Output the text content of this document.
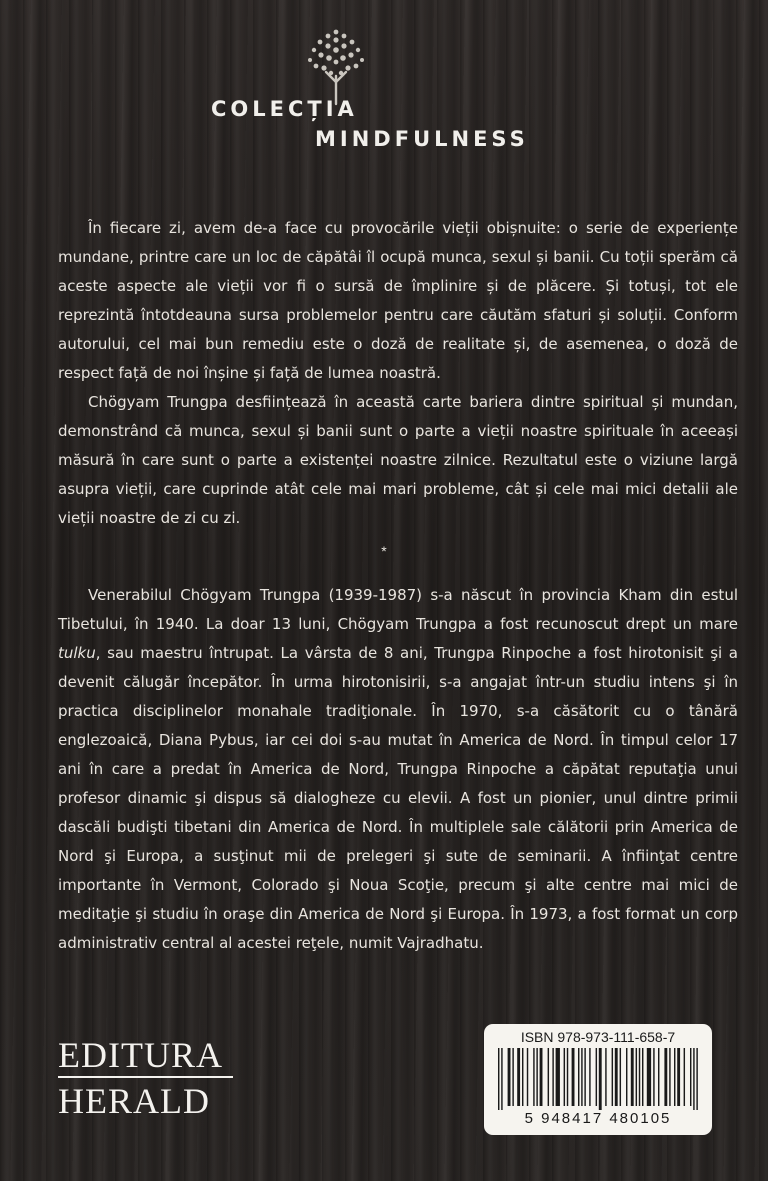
COLECȚIA
MINDFULNESS

În fiecare zi, avem de-a face cu provocările vieții obișnuite: o serie de experiențe mundane, printre care un loc de căpătâi îl ocupă munca, sexul și banii. Cu toții sperăm că aceste aspecte ale vieții vor fi o sursă de împlinire și de plăcere. Și totuși, tot ele reprezintă întotdeauna sursa problemelor pentru care căutăm sfaturi și soluții. Conform autorului, cel mai bun remediu este o doză de realitate și, de asemenea, o doză de respect față de noi înșine și față de lumea noastră.

Chögyam Trungpa desființează în această carte bariera dintre spiritual și mundan, demonstrând că munca, sexul și banii sunt o parte a vieții noastre spirituale în aceeași măsură în care sunt o parte a existenței noastre zilnice. Rezultatul este o viziune largă asupra vieții, care cuprinde atât cele mai mari probleme, cât și cele mai mici detalii ale vieții noastre de zi cu zi.

*

Venerabilul Chögyam Trungpa (1939-1987) s-a născut în provincia Kham din estul Tibetului, în 1940. La doar 13 luni, Chögyam Trungpa a fost recunoscut drept un mare tulku, sau maestru întrupat. La vârsta de 8 ani, Trungpa Rinpoche a fost hirotonisit şi a devenit călugăr începător. În urma hirotonisirii, s-a angajat într-un studiu intens şi în practica disciplinelor monahale tradiţionale. În 1970, s-a căsătorit cu o tânără englezoaică, Diana Pybus, iar cei doi s-au mutat în America de Nord. În timpul celor 17 ani în care a predat în America de Nord, Trungpa Rinpoche a căpătat reputaţia unui profesor dinamic şi dispus să dialogheze cu elevii. A fost un pionier, unul dintre primii dascăli budişti tibetani din America de Nord. În multiplele sale călătorii prin America de Nord şi Europa, a susţinut mii de prelegeri şi sute de seminarii. A înfiinţat centre importante în Vermont, Colorado şi Noua Scoţie, precum şi alte centre mai mici de meditaţie şi studiu în oraşe din America de Nord şi Europa. În 1973, a fost format un corp administrativ central al acestei reţele, numit Vajradhatu.

EDITURA
HERALD
ISBN 978-973-111-658-7
5 948417 480105
